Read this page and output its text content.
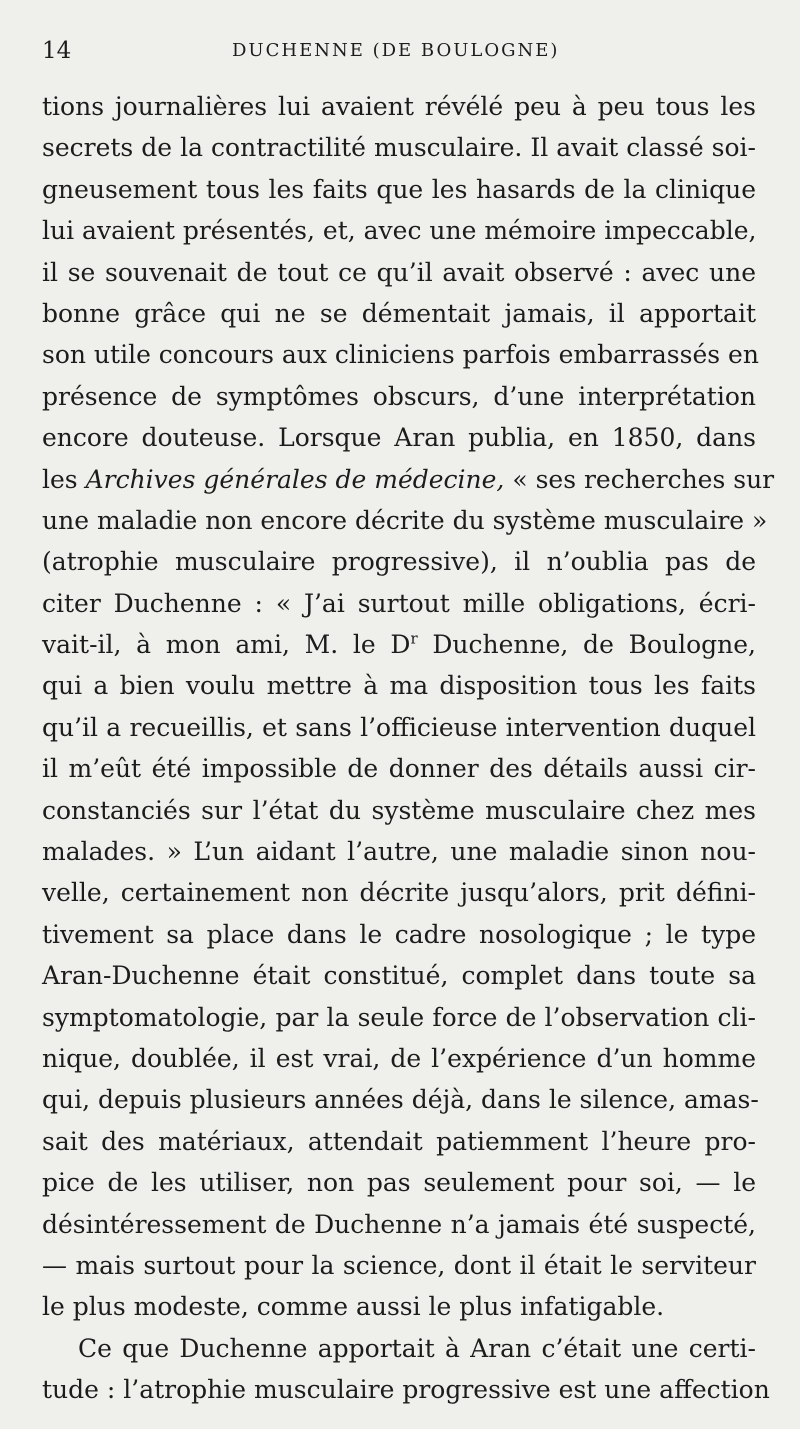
14	DUCHENNE (DE BOULOGNE)
tions journalières lui avaient révélé peu à peu tous les
secrets de la contractilité musculaire. Il avait classé soi-
gneusement tous les faits que les hasards de la clinique
lui avaient présentés, et, avec une mémoire impeccable,
il se souvenait de tout ce qu’il avait observé : avec une
bonne grâce qui ne se démentait jamais, il apportait
son utile concours aux cliniciens parfois embarrassés en
présence de symptômes obscurs, d’une interprétation
encore douteuse. Lorsque Aran publia, en 1850, dans
les Archives générales de médecine, « ses recherches sur
une maladie non encore décrite du système musculaire »
(atrophie musculaire progressive), il n’oublia pas de
citer Duchenne : « J’ai surtout mille obligations, écri-
vait-il, à mon ami, M. le $D^r$ Duchenne, de Boulogne,
qui a bien voulu mettre à ma disposition tous les faits
qu’il a recueillis, et sans l’officieuse intervention duquel
il m’eût été impossible de donner des détails aussi cir-
constanciés sur l’état du système musculaire chez mes
malades. » L’un aidant l’autre, une maladie sinon nou-
velle, certainement non décrite jusqu’alors, prit défini-
tivement sa place dans le cadre nosologique ; le type
Aran-Duchenne était constitué, complet dans toute sa
symptomatologie, par la seule force de l’observation cli-
nique, doublée, il est vrai, de l’expérience d’un homme
qui, depuis plusieurs années déjà, dans le silence, amas-
sait des matériaux, attendait patiemment l’heure pro-
pice de les utiliser, non pas seulement pour soi, — le
désintéressement de Duchenne n’a jamais été suspecté,
— mais surtout pour la science, dont il était le serviteur
le plus modeste, comme aussi le plus infatigable.
Ce que Duchenne apportait à Aran c’était une certi-
tude : l’atrophie musculaire progressive est une affection
